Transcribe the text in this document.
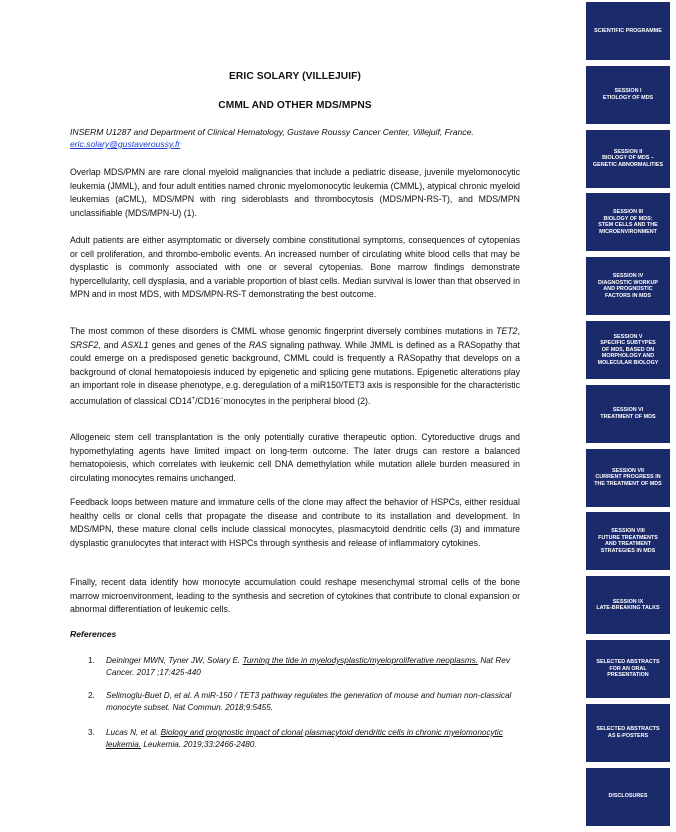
ERIC SOLARY (VILLEJUIF)
CMML AND OTHER MDS/MPNS
INSERM U1287 and Department of Clinical Hematology, Gustave Roussy Cancer Center, Villejuif, France.
eric.solary@gustaveroussy.fr

Overlap MDS/PMN are rare clonal myeloid malignancies that include a pediatric disease, juvenile myelomonocytic leukemia (JMML), and four adult entities named chronic myelomonocytic leukemia (CMML), atypical chronic myeloid leukemias (aCML), MDS/MPN with ring sideroblasts and thrombocytosis (MDS/MPN-RS-T), and MDS/MPN unclassifiable (MDS/MPN-U) (1).

Adult patients are either asymptomatic or diversely combine constitutional symptoms, consequences of cytopenias or cell proliferation, and thrombo-embolic events. An increased number of circulating white blood cells that may be dysplastic is commonly associated with one or several cytopenias. Bone marrow findings demonstrate hypercellularity, cell dysplasia, and a variable proportion of blast cells. Median survival is lower than that observed in MPN and in most MDS, with MDS/MPN-RS-T demonstrating the best outcome.

The most common of these disorders is CMML whose genomic fingerprint diversely combines mutations in TET2, SRSF2, and ASXL1 genes and genes of the RAS signaling pathway. While JMML is defined as a RASopathy that could emerge on a predisposed genetic background, CMML could is frequently a RASopathy that develops on a background of clonal hematopoiesis induced by epigenetic and splicing gene mutations. Epigenetic alterations play an important role in disease phenotype, e.g. deregulation of a miR150/TET3 axis is responsible for the characteristic accumulation of classical CD14+/CD16−monocytes in the peripheral blood (2).

Allogeneic stem cell transplantation is the only potentially curative therapeutic option. Cytoreductive drugs and hypomethylating agents have limited impact on long-term outcome. The later drugs can restore a balanced hematopoiesis, which correlates with leukemic cell DNA demethylation while mutation allele burden measured in circulating monocytes remains unchanged.

Feedback loops between mature and immature cells of the clone may affect the behavior of HSPCs, either residual healthy cells or clonal cells that propagate the disease and contribute to its installation and development. In MDS/MPN, these mature clonal cells include classical monocytes, plasmacytoid dendritic cells (3) and immature dysplastic granulocytes that interact with HSPCs through synthesis and release of inflammatory cytokines.

Finally, recent data identify how monocyte accumulation could reshape mesenchymal stromal cells of the bone marrow microenvironment, leading to the synthesis and secretion of cytokines that contribute to clonal expansion or abnormal differentiation of leukemic cells.

References
1. Deininger MWN, Tyner JW, Solary E. Turning the tide in myelodysplastic/myeloproliferative neoplasms. Nat Rev Cancer. 2017 ;17:425-440
2. Selimoglu-Buet D, et al. A miR-150 / TET3 pathway regulates the generation of mouse and human non-classical monocyte subset. Nat Commun. 2018;9:5455.
3. Lucas N, et al. Biology and prognostic impact of clonal plasmacytoid dendritic cells in chronic myelomonocytic leukemia. Leukemia. 2019;33:2466-2480.
SCIENTIFIC PROGRAMME
SESSION I
ETIOLOGY OF MDS
SESSION II
BIOLOGY OF MDS –
GENETIC ABNORMALITIES
SESSION III
BIOLOGY OF MDS:
STEM CELLS AND THE
MICROENVIRONMENT
SESSION IV
DIAGNOSTIC WORKUP
AND PROGNOSTIC
FACTORS IN MDS
SESSION V
SPECIFIC SUBTYPES
OF MDS, BASED ON
MORPHOLOGY AND
MOLECULAR BIOLOGY
SESSION VI
TREATMENT OF MDS
SESSION VII
CURRENT PROGRESS IN
THE TREATMENT OF MDS
SESSION VIII
FUTURE TREATMENTS
AND TREATMENT
STRATEGIES IN MDS
SESSION IX
LATE-BREAKING TALKS
SELECTED ABSTRACTS
FOR AN ORAL
PRESENTATION
SELECTED ABSTRACTS
AS E-POSTERS
DISCLOSURES
